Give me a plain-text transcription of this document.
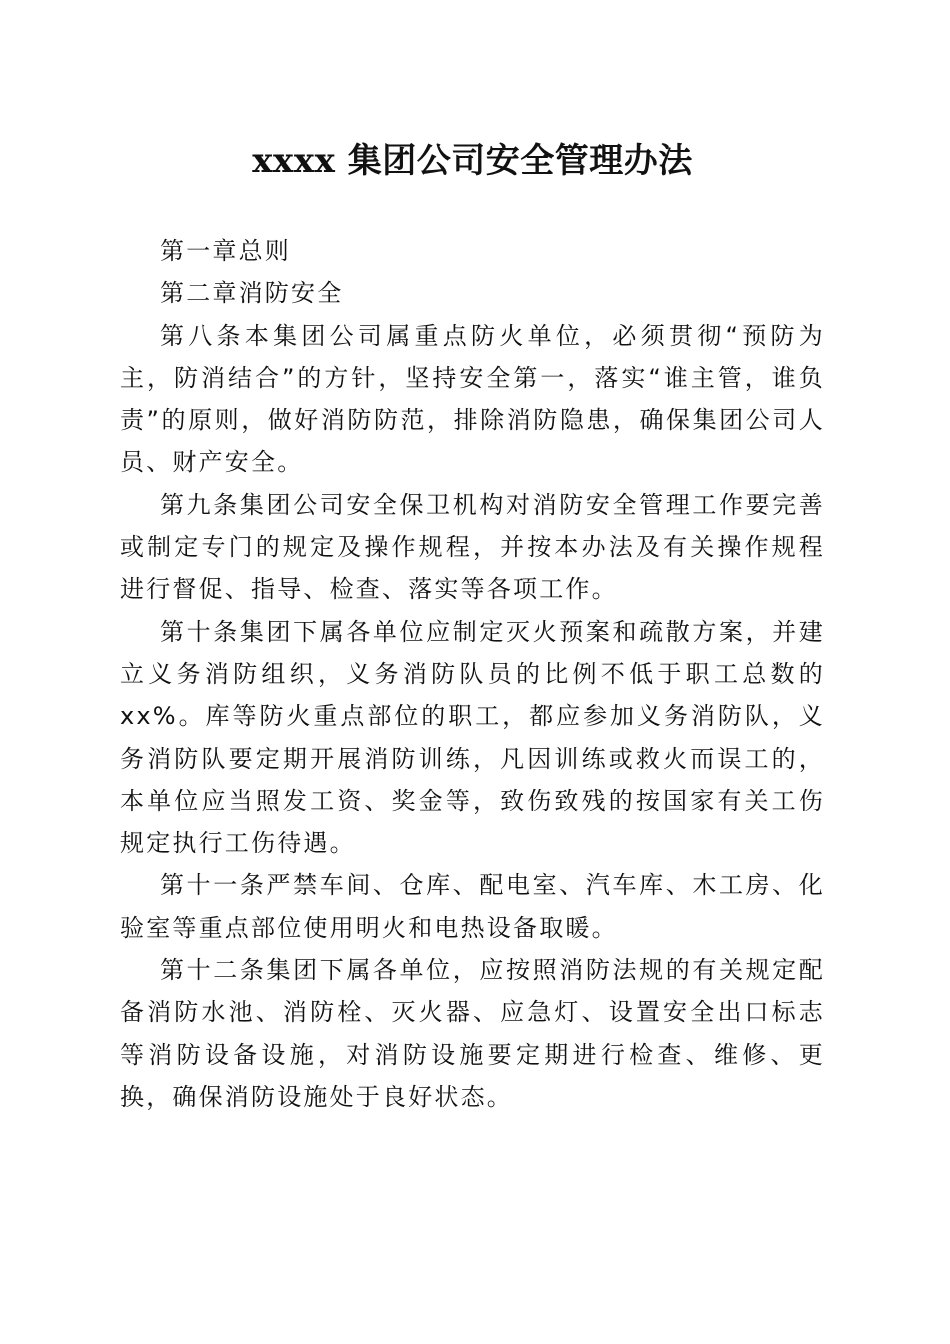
xxxx 集团公司安全管理办法

第一章总则

第二章消防安全

第八条本集团公司属重点防火单位，必须贯彻“预防为主，防消结合”的方针，坚持安全第一，落实“谁主管，谁负责”的原则，做好消防防范，排除消防隐患，确保集团公司人员、财产安全。

第九条集团公司安全保卫机构对消防安全管理工作要完善或制定专门的规定及操作规程，并按本办法及有关操作规程进行督促、指导、检查、落实等各项工作。

第十条集团下属各单位应制定灭火预案和疏散方案，并建立义务消防组织，义务消防队员的比例不低于职工总数的 xx%。库等防火重点部位的职工，都应参加义务消防队，义务消防队要定期开展消防训练，凡因训练或救火而误工的，本单位应当照发工资、奖金等，致伤致残的按国家有关工伤规定执行工伤待遇。

第十一条严禁车间、仓库、配电室、汽车库、木工房、化验室等重点部位使用明火和电热设备取暖。

第十二条集团下属各单位，应按照消防法规的有关规定配备消防水池、消防栓、灭火器、应急灯、设置安全出口标志等消防设备设施，对消防设施要定期进行检查、维修、更换，确保消防设施处于良好状态。
